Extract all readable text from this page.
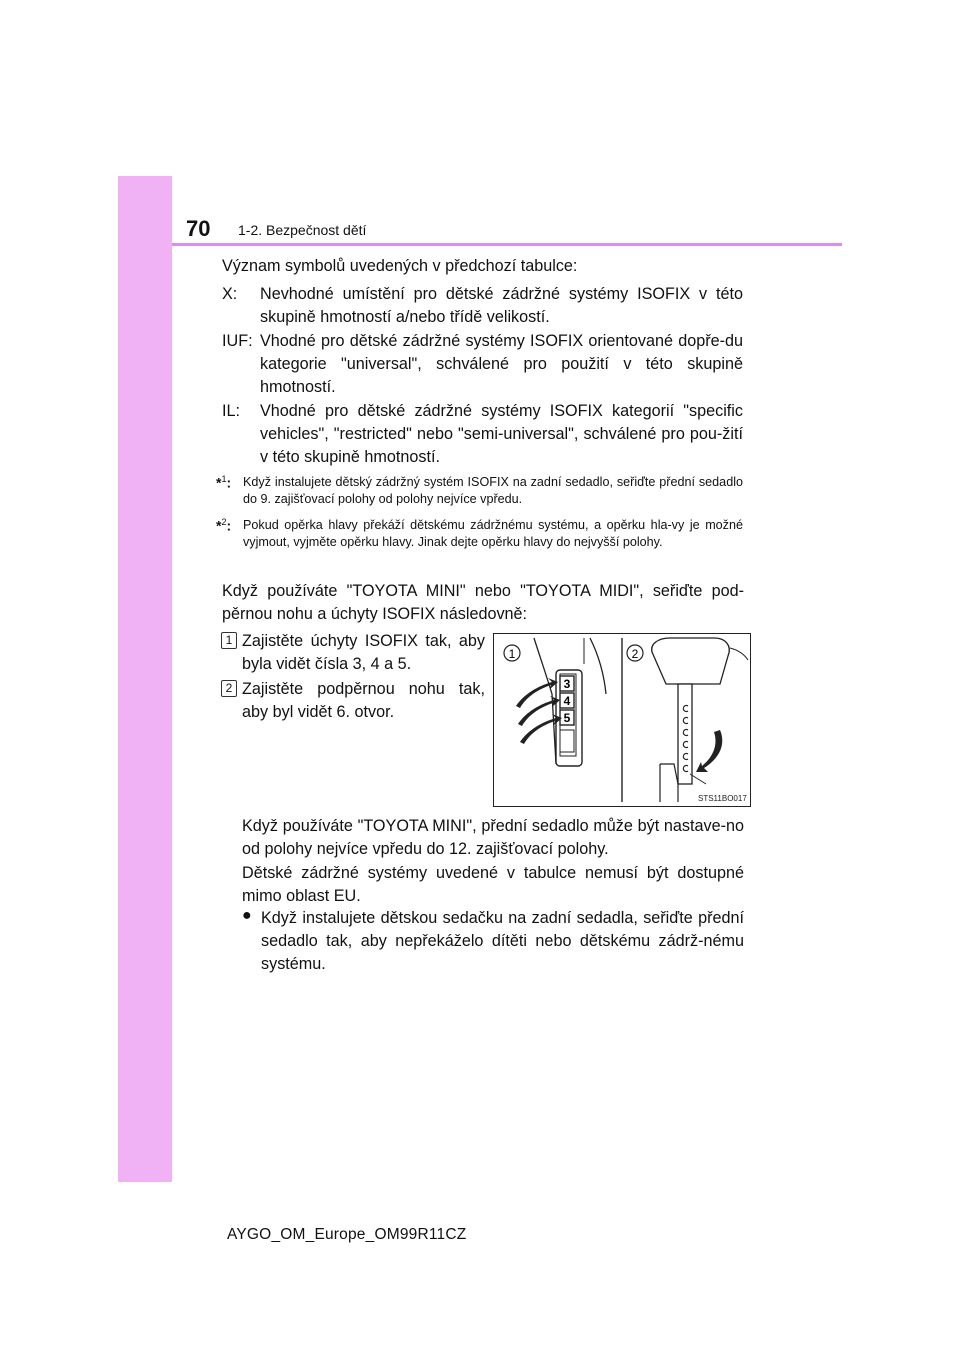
70 1-2. Bezpečnost dětí
Význam symbolů uvedených v předchozí tabulce:
X: Nevhodné umístění pro dětské zádržné systémy ISOFIX v této skupině hmotností a/nebo třídě velikostí.
IUF: Vhodné pro dětské zádržné systémy ISOFIX orientované dopře-du kategorie "universal", schválené pro použití v této skupině hmotností.
IL: Vhodné pro dětské zádržné systémy ISOFIX kategorií "specific vehicles", "restricted" nebo "semi-universal", schválené pro pou-žití v této skupině hmotností.
*$^1$: Když instalujete dětský zádržný systém ISOFIX na zadní sedadlo, seřiďte přední sedadlo do 9. zajišťovací polohy od polohy nejvíce vpředu.
*$^2$: Pokud opěrka hlavy překáží dětskému zádržnému systému, a opěrku hla-vy je možné vyjmout, vyjměte opěrku hlavy. Jinak dejte opěrku hlavy do nejvyšší polohy.
Když používáte "TOYOTA MINI" nebo "TOYOTA MIDI", seřiďte pod-pěrnou nohu a úchyty ISOFIX následovně:
1 Zajistěte úchyty ISOFIX tak, aby byla vidět čísla 3, 4 a 5.
2 Zajistěte podpěrnou nohu tak, aby byl vidět 6. otvor.
3
4
5
1	2
STS11BO017
Když používáte "TOYOTA MINI", přední sedadlo může být nastave-no od polohy nejvíce vpředu do 12. zajišťovací polohy.
Dětské zádržné systémy uvedené v tabulce nemusí být dostupné mimo oblast EU.
● Když instalujete dětskou sedačku na zadní sedadla, seřiďte přední sedadlo tak, aby nepřekáželo dítěti nebo dětskému zádrž-nému systému.
AYGO_OM_Europe_OM99R11CZ
